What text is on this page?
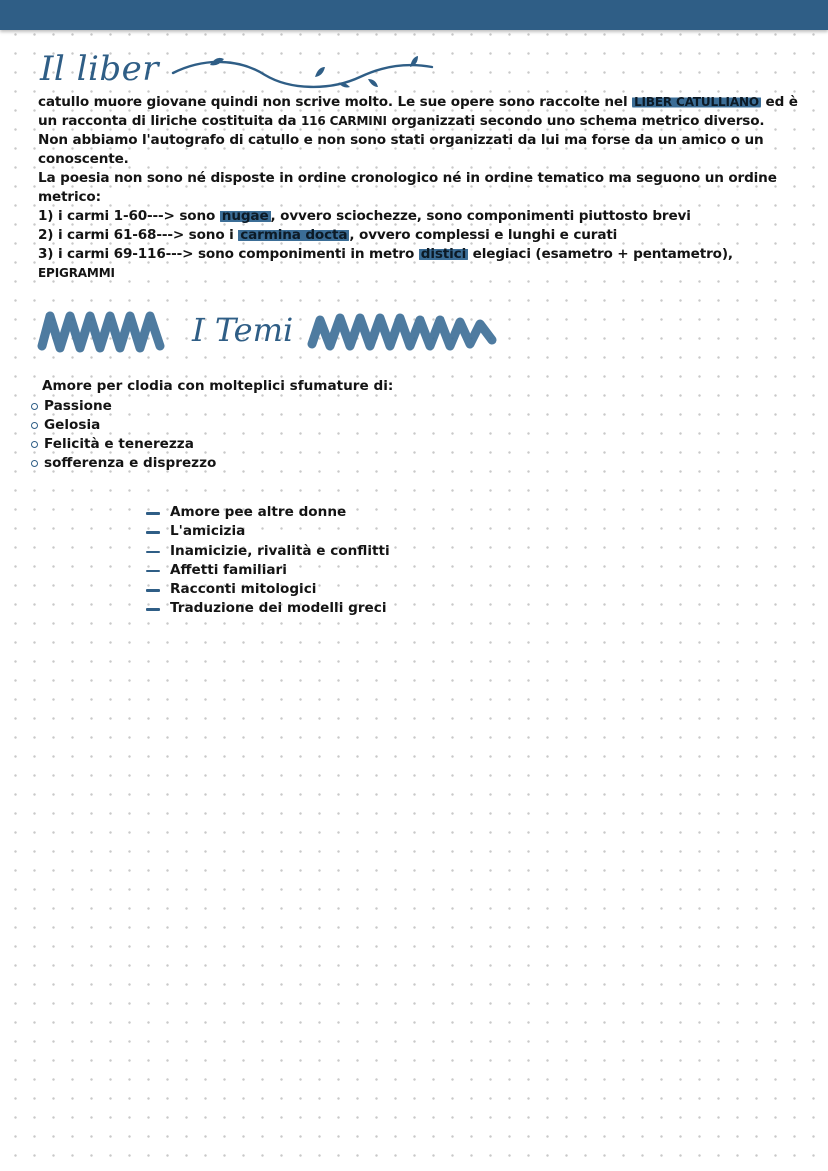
Il liber

catullo muore giovane quindi non scrive molto. Le sue opere sono raccolte nel LIBER CATULLIANO ed è un racconta di liriche costituita da 116 CARMINI organizzati secondo uno schema metrico diverso.

Non abbiamo l'autografo di catullo e non sono stati organizzati da lui ma forse da un amico o un conoscente.

La poesia non sono né disposte in ordine cronologico né in ordine tematico ma seguono un ordine metrico:

1) i carmi 1-60---> sono nugae , ovvero sciochezze, sono componimenti piuttosto brevi

2) i carmi 61-68---> sono i carmina docta , ovvero complessi e lunghi e curati

3) i carmi 69-116---> sono componimenti in metro distici elegiaci (esametro + pentametro), EPIGRAMMI

I Temi
Amore per clodia con molteplici sfumature di:
Passione
Gelosia
Felicità e tenerezza
sofferenza e disprezzo
Amore pee altre donne
L'amicizia
Inamicizie, rivalità e conflitti
Affetti familiari
Racconti mitologici
Traduzione dei modelli greci
